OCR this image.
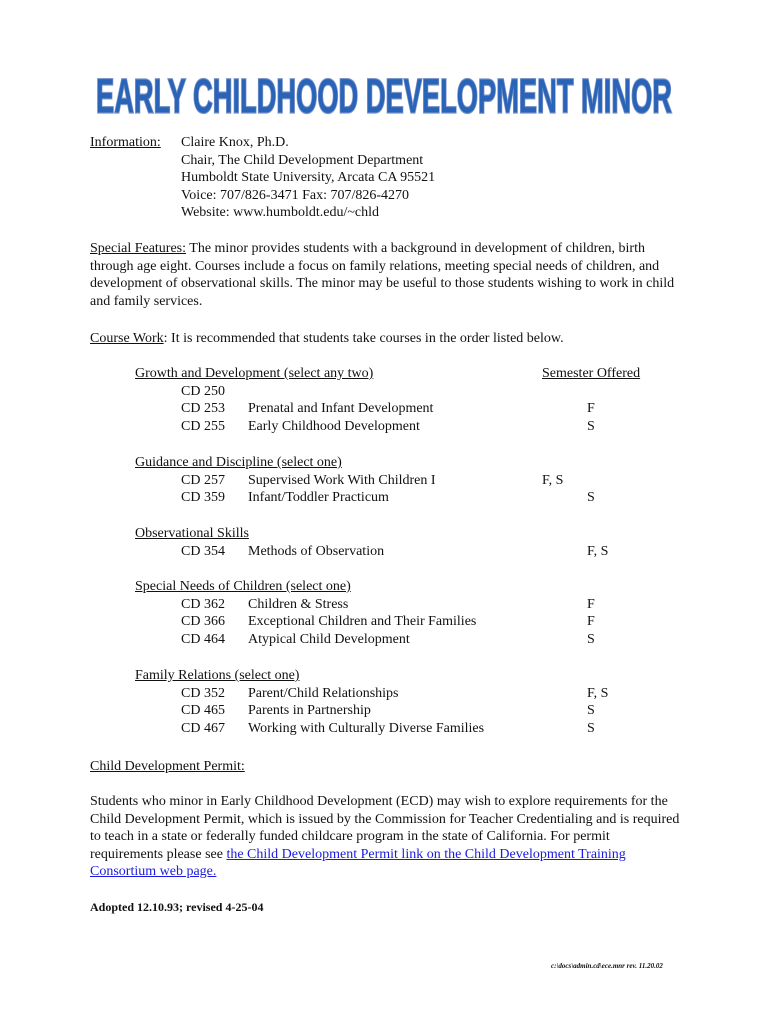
EARLY CHILDHOOD DEVELOPMENT MINOR
Information: Claire Knox, Ph.D.
Chair, The Child Development Department
Humboldt State University, Arcata CA 95521
Voice: 707/826-3471 Fax: 707/826-4270
Website: www.humboldt.edu/~chld
Special Features: The minor provides students with a background in development of children, birth through age eight. Courses include a focus on family relations, meeting special needs of children, and development of observational skills. The minor may be useful to those students wishing to work in child and family services.
Course Work: It is recommended that students take courses in the order listed below.
Semester Offered
Growth and Development (select any two)
CD 250
CD 253 Prenatal and Infant Development	F
CD 255 Early Childhood Development	S
Guidance and Discipline (select one)
CD 257 Supervised Work With Children I	F, S
CD 359 Infant/Toddler Practicum	S
Observational Skills
CD 354 Methods of Observation	F, S
Special Needs of Children (select one)
CD 362 Children & Stress	F
CD 366 Exceptional Children and Their Families	F
CD 464 Atypical Child Development	S
Family Relations (select one)
CD 352 Parent/Child Relationships	F, S
CD 465 Parents in Partnership	S
CD 467 Working with Culturally Diverse Families	S
Child Development Permit:
Students who minor in Early Childhood Development (ECD) may wish to explore requirements for the Child Development Permit, which is issued by the Commission for Teacher Credentialing and is required to teach in a state or federally funded childcare program in the state of California. For permit requirements please see the Child Development Permit link on the Child Development Training Consortium web page.
Adopted 12.10.93; revised 4-25-04
c:\docs\admin.cd\ece.mnr rev. 11.20.02
